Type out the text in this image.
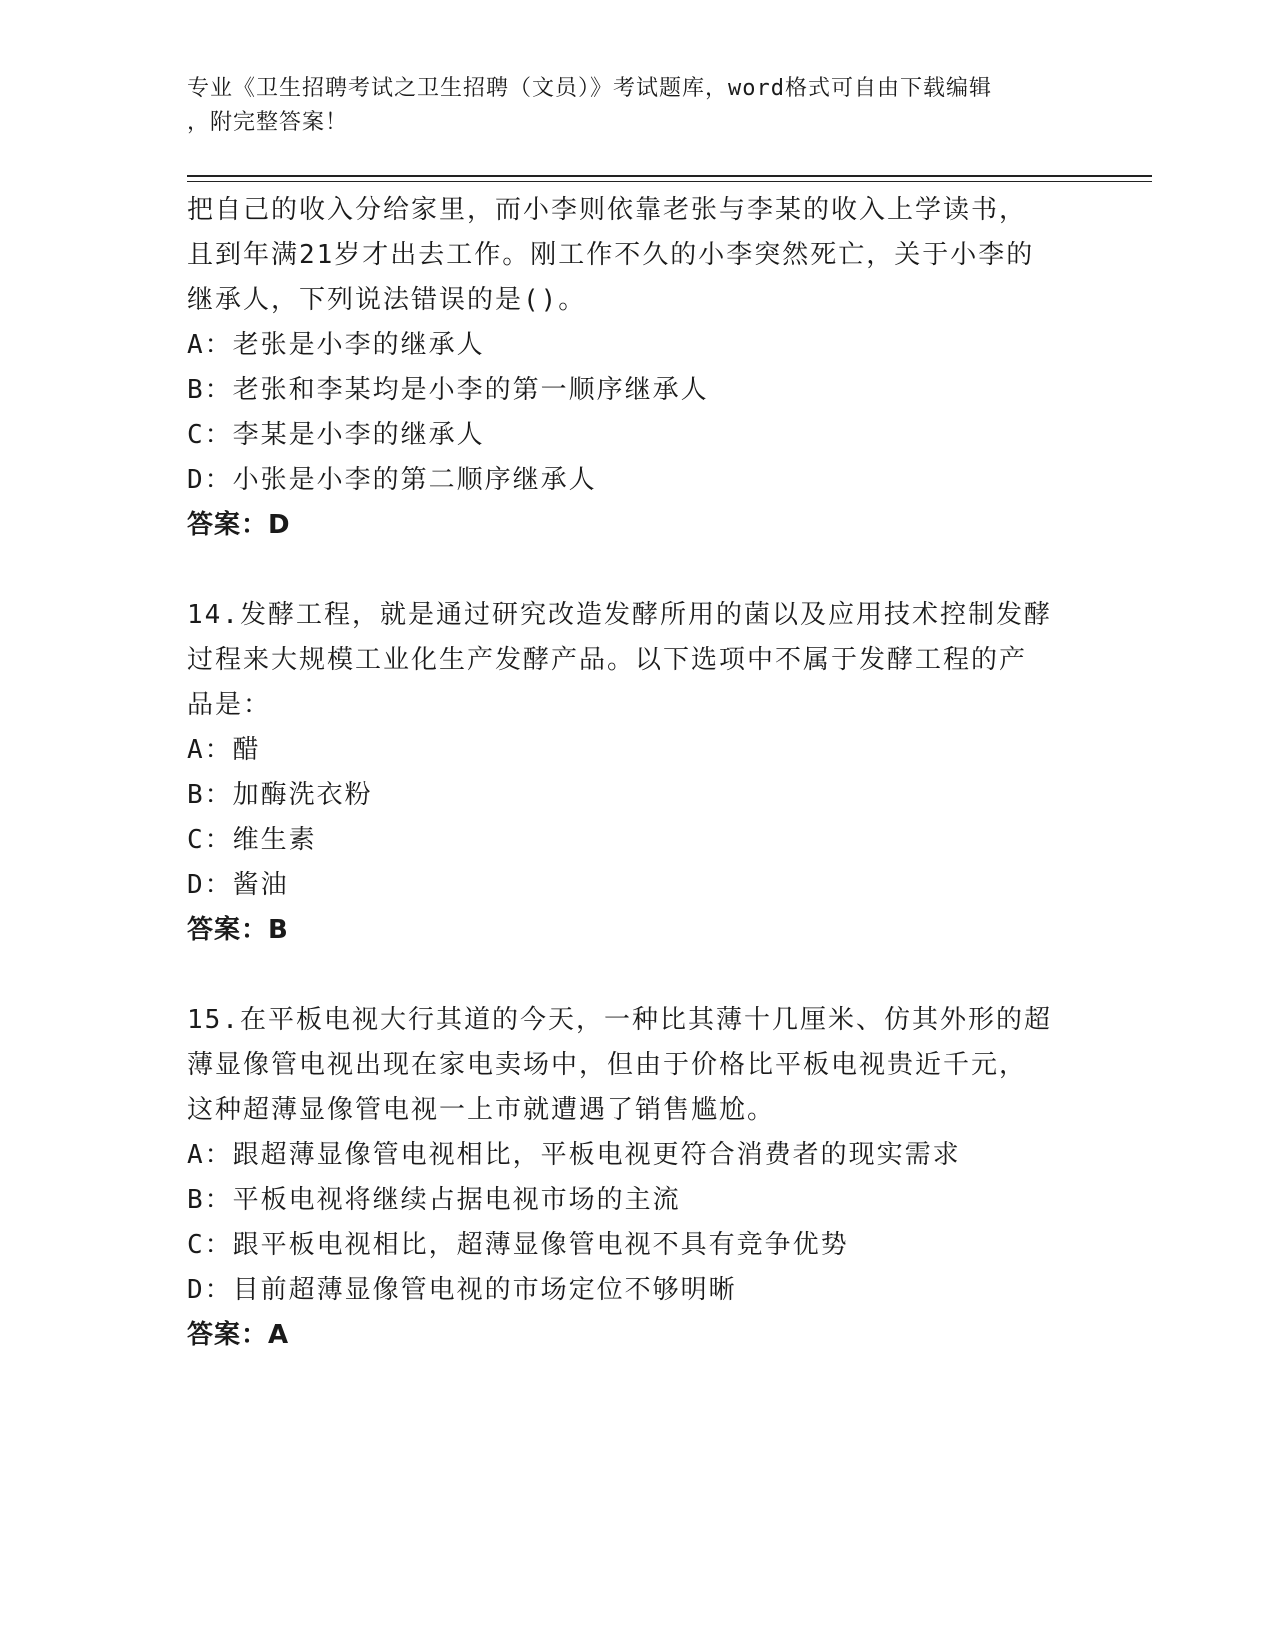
专业《卫生招聘考试之卫生招聘（文员）》考试题库，word格式可自由下载编辑
，附完整答案！
把自己的收入分给家里，而小李则依靠老张与李某的收入上学读书，
且到年满21岁才出去工作。刚工作不久的小李突然死亡，关于小李的
继承人，下列说法错误的是()。
A：老张是小李的继承人
B：老张和李某均是小李的第一顺序继承人
C：李某是小李的继承人
D：小张是小李的第二顺序继承人
答案：D
14.发酵工程，就是通过研究改造发酵所用的菌以及应用技术控制发酵
过程来大规模工业化生产发酵产品。以下选项中不属于发酵工程的产
品是：
A：醋
B：加酶洗衣粉
C：维生素
D：酱油
答案：B
15.在平板电视大行其道的今天，一种比其薄十几厘米、仿其外形的超
薄显像管电视出现在家电卖场中，但由于价格比平板电视贵近千元，
这种超薄显像管电视一上市就遭遇了销售尴尬。
A：跟超薄显像管电视相比，平板电视更符合消费者的现实需求
B：平板电视将继续占据电视市场的主流
C：跟平板电视相比，超薄显像管电视不具有竞争优势
D：目前超薄显像管电视的市场定位不够明晰
答案：A
